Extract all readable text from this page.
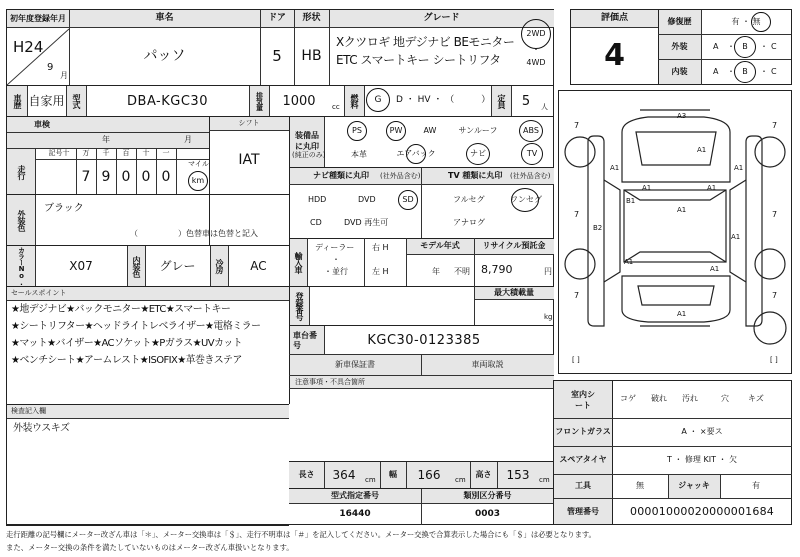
初年度登録年月	車名	ドア	形状	グレード
H24
9
月
パッソ	5	HB
Xクツロギ 地デジナビ BEモニター ETC スマートキー シートリフタ
2WD
・
4WD
車歴 自家用 型式	DBA-KGC30	排気量	1000	cc	燃料	G	D ・ HV ・ （　　　） 定員	5	人
車検
年	月
シフト
IAT
走行
記号 十	万	千	百	十	一
7 9 0 0 0
マイル
km
外装色
ブラック
（　　　　　）色替車は色替と記入
装備品に丸印
(純正のみ)
PS	PW	AW	サンルーフ	ABS
本革	エアバック	ナビ	TV
ナビ種類に丸印 (社外品含む)	TV 種類に丸印 (社外品含む)
HDD	DVD	SD
CD	DVD 再生可
フルセグ	ワンセグ
アナログ
カラーNo.	X07	内装色	グレー	冷房	AC	輸入車
ディーラー
・並行
・
右 H
左 H
モデル年式
年 不明
リサイクル預託金
8,790	円
セールスポイント
★地デジナビ★バックモニター★ETC★スマートキー
★シートリフター★ヘッドライトレベライザー★電格ミラー
★マット★バイザー★ACソケット★Pガラス★UVカット
★ベンチシート★アームレスト★ISOFIX★革巻きステア
登録番号	最大積載量
kg
車台番号	KGC30-0123385
新車保証書	車両取説
注意事項・不具合箇所
検査記入欄
外装ウスキズ
長さ	364	cm
幅	166	cm
高さ	153	cm
型式指定番号
16440
類別区分番号
0003
評価点
4
修復歴	有 ・ 無
外装
内装
A ・ B	・ C
A ・ B	・ C
A3
A1
A1	A1
A1	A1
B1
A1
B2
A1
A1
A1
A1
7	7
7	7
7	7
[ ]	[ ]
室内シート
コゲ 破れ 汚れ	穴 キズ
フロントガラス	A ・ ×要ス
スペアタイヤ	T ・ 修理 KIT ・ 欠
工具	無	ジャッキ	有
管理番号	00001000020000001684
走行距離の記号欄にメーター改ざん車は「＊」、メーター交換車は「＄」、走行不明車は「＃」を記入してください。メーター交換で合算表示した場合にも「＄」は必要となります。
また、メーター交換の条件を満たしていないものはメーター改ざん車扱いとなります。
